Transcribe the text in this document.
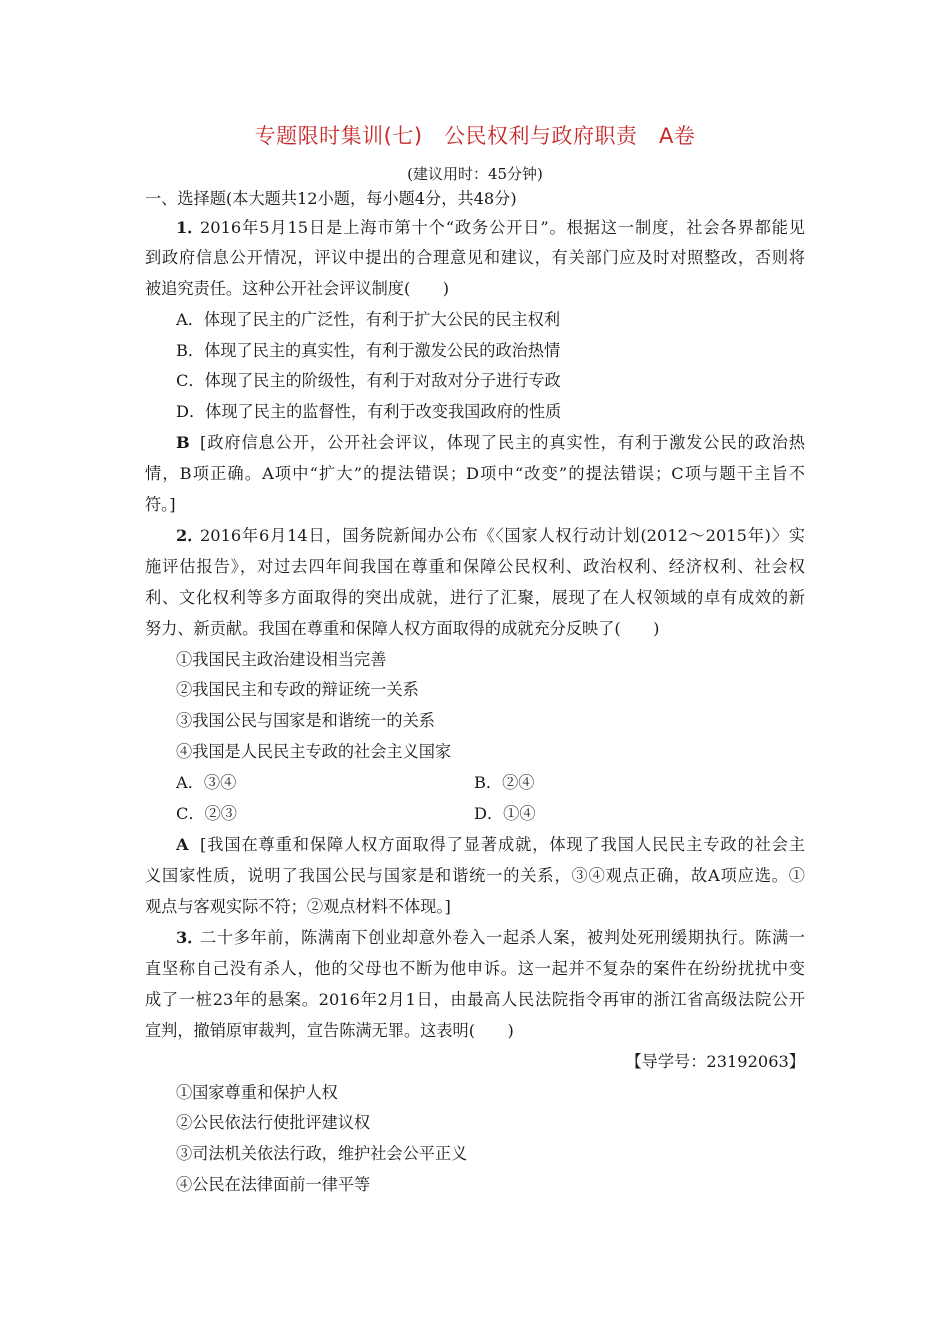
专题限时集训(七)　公民权利与政府职责　A卷
(建议用时：45分钟)
一、选择题(本大题共12小题，每小题4分，共48分)
1．
2016年5月15日是上海市第十个“政务公开日”。根据这一制度，社会各界都能见
到政府信息公开情况，评议中提出的合理意见和建议，有关部门应及时对照整改，否则将
被追究责任。这种公开社会评议制度(　　)
A．体现了民主的广泛性，有利于扩大公民的民主权利
B．体现了民主的真实性，有利于激发公民的政治热情
C．体现了民主的阶级性，有利于对敌对分子进行专政
D．体现了民主的监督性，有利于改变我国政府的性质
B [政府信息公开，公开社会评议，体现了民主的真实性，有利于激发公民的政治热
情，B项正确。A项中“扩大”的提法错误；D项中“改变”的提法错误；C项与题干主旨不
符。]
2．
2016年6月14日，国务院新闻办公布《〈国家人权行动计划(2012～2015年)〉实
施评估报告》，对过去四年间我国在尊重和保障公民权利、政治权利、经济权利、社会权
利、文化权利等多方面取得的突出成就，进行了汇聚，展现了在人权领域的卓有成效的新
努力、新贡献。我国在尊重和保障人权方面取得的成就充分反映了(　　)
①我国民主政治建设相当完善
②我国民主和专政的辩证统一关系
③我国公民与国家是和谐统一的关系
④我国是人民民主专政的社会主义国家
A．③④	B．②④
C．②③	D．①④
A [我国在尊重和保障人权方面取得了显著成就，体现了我国人民民主专政的社会主
义国家性质，说明了我国公民与国家是和谐统一的关系，③④观点正确，故A项应选。①
观点与客观实际不符；②观点材料不体现。]
3．
二十多年前，陈满南下创业却意外卷入一起杀人案，被判处死刑缓期执行。陈满一
直坚称自己没有杀人，他的父母也不断为他申诉。这一起并不复杂的案件在纷纷扰扰中变
成了一桩23年的悬案。2016年2月1日，由最高人民法院指令再审的浙江省高级法院公开
宣判，撤销原审裁判，宣告陈满无罪。这表明(　　)
【导学号：23192063】
①国家尊重和保护人权
②公民依法行使批评建议权
③司法机关依法行政，维护社会公平正义
④公民在法律面前一律平等
